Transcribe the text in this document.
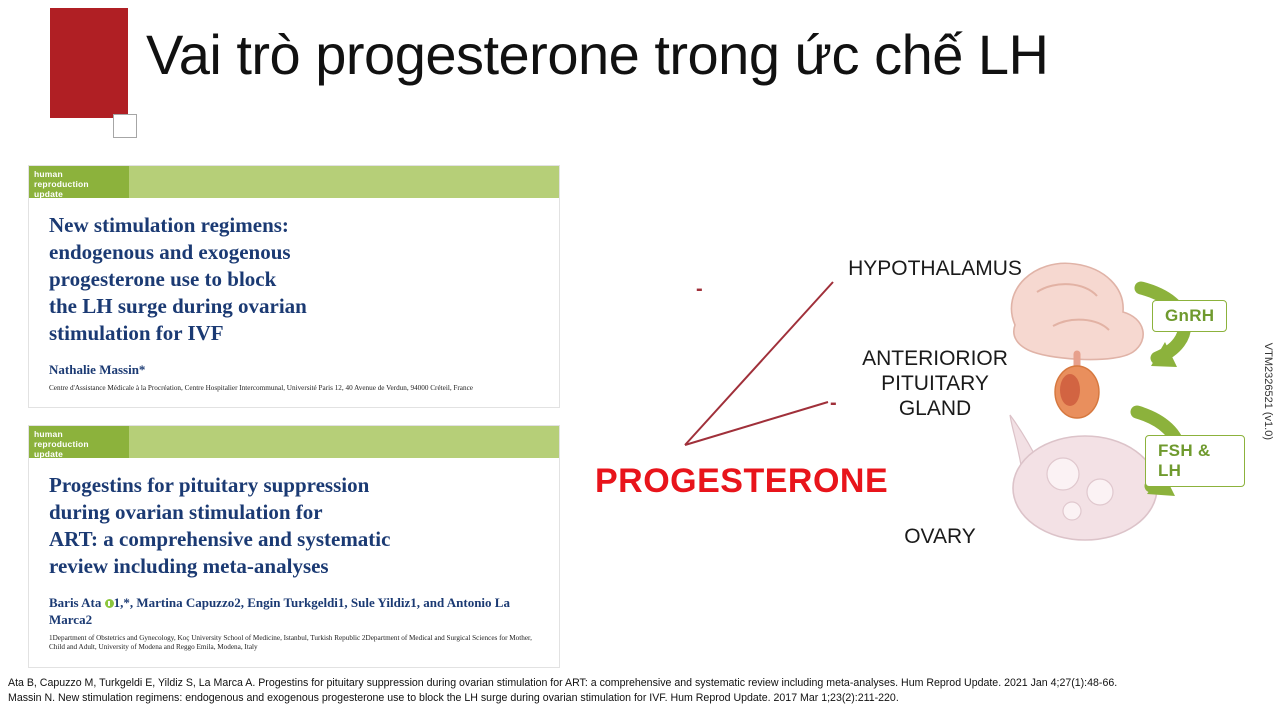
Vai trò progesterone trong ức chế LH
human
reproduction
update
New stimulation regimens:
endogenous and exogenous
progesterone use to block
the LH surge during ovarian
stimulation for IVF
Nathalie Massin*
Centre d'Assistance Médicale à la Procréation, Centre Hospitalier Intercommunal, Université Paris 12, 40 Avenue de Verdun, 94000 Créteil, France
human
reproduction
update
Progestins for pituitary suppression
during ovarian stimulation for
ART: a comprehensive and systematic
review including meta-analyses
Baris Ata 1,*, Martina Capuzzo2, Engin Turkgeldi1, Sule Yildiz1, and Antonio La Marca2
1Department of Obstetrics and Gynecology, Koç University School of Medicine, Istanbul, Turkish Republic 2Department of Medical and Surgical Sciences for Mother, Child and Adult, University of Modena and Reggo Emila, Modena, Italy
HYPOTHALAMUS
ANTERIORIOR
PITUITARY
GLAND
OVARY
PROGESTERONE
GnRH
FSH & LH
-
-	VTM2326521 (v1.0)
Ata B, Capuzzo M, Turkgeldi E, Yildiz S, La Marca A. Progestins for pituitary suppression during ovarian stimulation for ART: a comprehensive and systematic review including meta-analyses. Hum Reprod Update. 2021 Jan 4;27(1):48-66.
Massin N. New stimulation regimens: endogenous and exogenous progesterone use to block the LH surge during ovarian stimulation for IVF. Hum Reprod Update. 2017 Mar 1;23(2):211-220.
